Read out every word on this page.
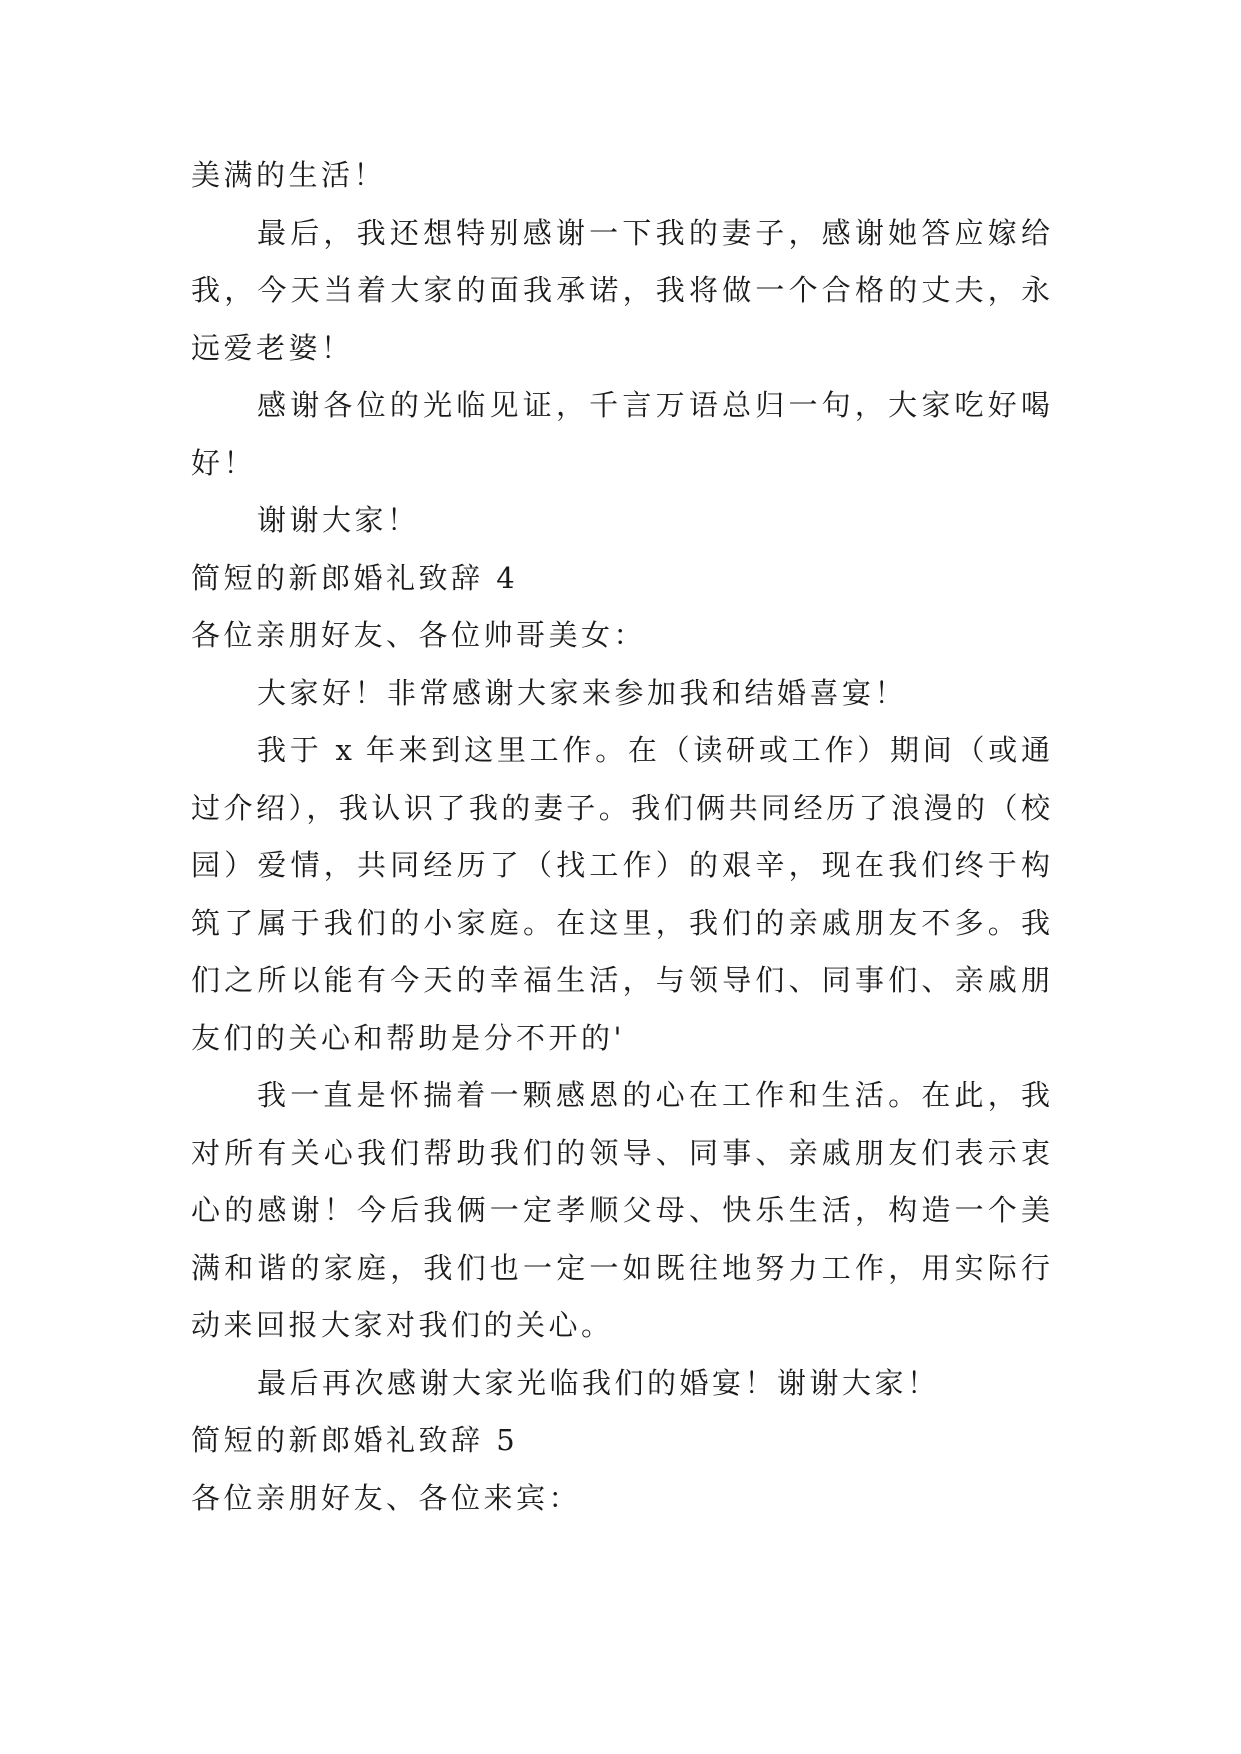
美满的生活！
最后，我还想特别感谢一下我的妻子，感谢她答应嫁给
我，今天当着大家的面我承诺，我将做一个合格的丈夫，永
远爱老婆！
感谢各位的光临见证，千言万语总归一句，大家吃好喝
好！
谢谢大家！
简短的新郎婚礼致辞 4
各位亲朋好友、各位帅哥美女：
大家好！非常感谢大家来参加我和结婚喜宴！
我于 x 年来到这里工作。在（读研或工作）期间（或通
过介绍），我认识了我的妻子。我们俩共同经历了浪漫的（校
园）爱情，共同经历了（找工作）的艰辛，现在我们终于构
筑了属于我们的小家庭。在这里，我们的亲戚朋友不多。我
们之所以能有今天的幸福生活，与领导们、同事们、亲戚朋
友们的关心和帮助是分不开的'
我一直是怀揣着一颗感恩的心在工作和生活。在此，我
对所有关心我们帮助我们的领导、同事、亲戚朋友们表示衷
心的感谢！今后我俩一定孝顺父母、快乐生活，构造一个美
满和谐的家庭，我们也一定一如既往地努力工作，用实际行
动来回报大家对我们的关心。
最后再次感谢大家光临我们的婚宴！谢谢大家！
简短的新郎婚礼致辞 5
各位亲朋好友、各位来宾：
